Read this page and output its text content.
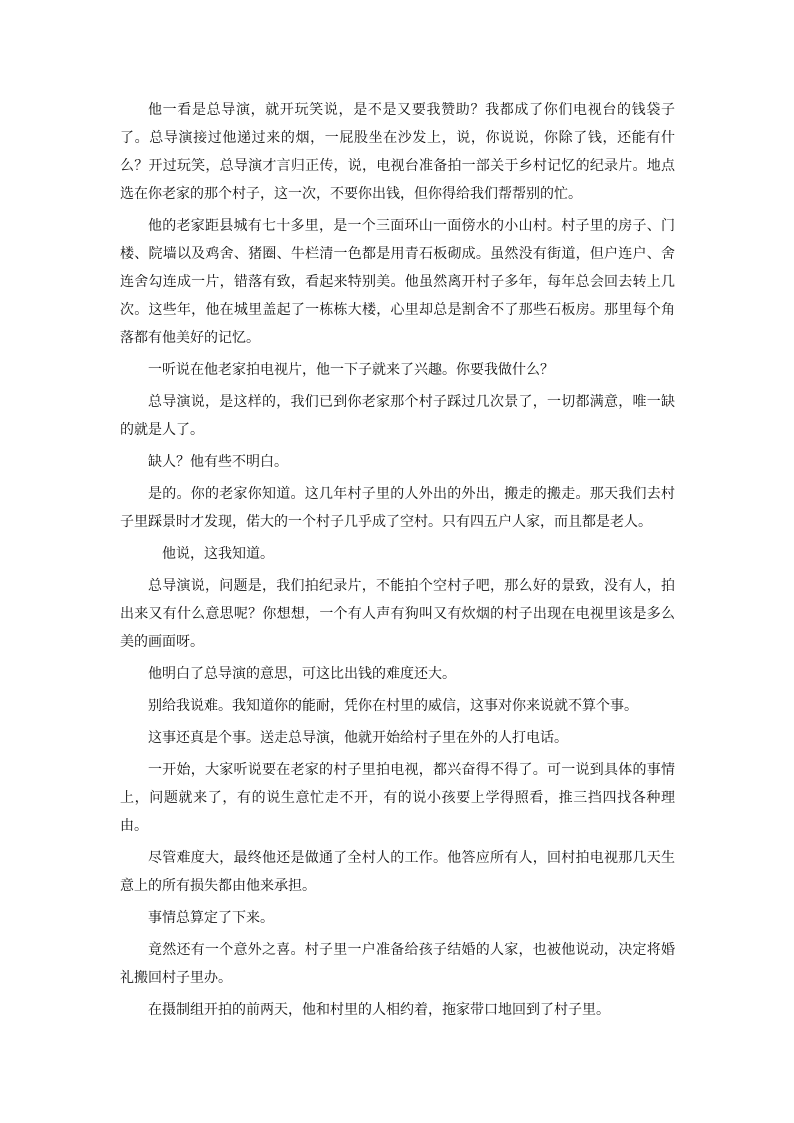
他一看是总导演，就开玩笑说，是不是又要我赞助？我都成了你们电视台的钱袋子了。总导演接过他递过来的烟，一屁股坐在沙发上，说，你说说，你除了钱，还能有什么？开过玩笑，总导演才言归正传，说，电视台准备拍一部关于乡村记忆的纪录片。地点选在你老家的那个村子，这一次，不要你出钱，但你得给我们帮帮别的忙。

他的老家距县城有七十多里，是一个三面环山一面傍水的小山村。村子里的房子、门楼、院墙以及鸡舍、猪圈、牛栏清一色都是用青石板砌成。虽然没有街道，但户连户、舍连舍勾连成一片，错落有致，看起来特别美。他虽然离开村子多年，每年总会回去转上几次。这些年，他在城里盖起了一栋栋大楼，心里却总是割舍不了那些石板房。那里每个角落都有他美好的记忆。

一听说在他老家拍电视片，他一下子就来了兴趣。你要我做什么？

总导演说，是这样的，我们已到你老家那个村子踩过几次景了，一切都满意，唯一缺的就是人了。

缺人？他有些不明白。

是的。你的老家你知道。这几年村子里的人外出的外出，搬走的搬走。那天我们去村子里踩景时才发现，偌大的一个村子几乎成了空村。只有四五户人家，而且都是老人。

他说，这我知道。

总导演说，问题是，我们拍纪录片，不能拍个空村子吧，那么好的景致，没有人，拍出来又有什么意思呢？你想想，一个有人声有狗叫又有炊烟的村子出现在电视里该是多么美的画面呀。

他明白了总导演的意思，可这比出钱的难度还大。

别给我说难。我知道你的能耐，凭你在村里的威信，这事对你来说就不算个事。

这事还真是个事。送走总导演，他就开始给村子里在外的人打电话。

一开始，大家听说要在老家的村子里拍电视，都兴奋得不得了。可一说到具体的事情上，问题就来了，有的说生意忙走不开，有的说小孩要上学得照看，推三挡四找各种理由。

尽管难度大，最终他还是做通了全村人的工作。他答应所有人，回村拍电视那几天生意上的所有损失都由他来承担。

事情总算定了下来。

竟然还有一个意外之喜。村子里一户准备给孩子结婚的人家，也被他说动，决定将婚礼搬回村子里办。

在摄制组开拍的前两天，他和村里的人相约着，拖家带口地回到了村子里。
